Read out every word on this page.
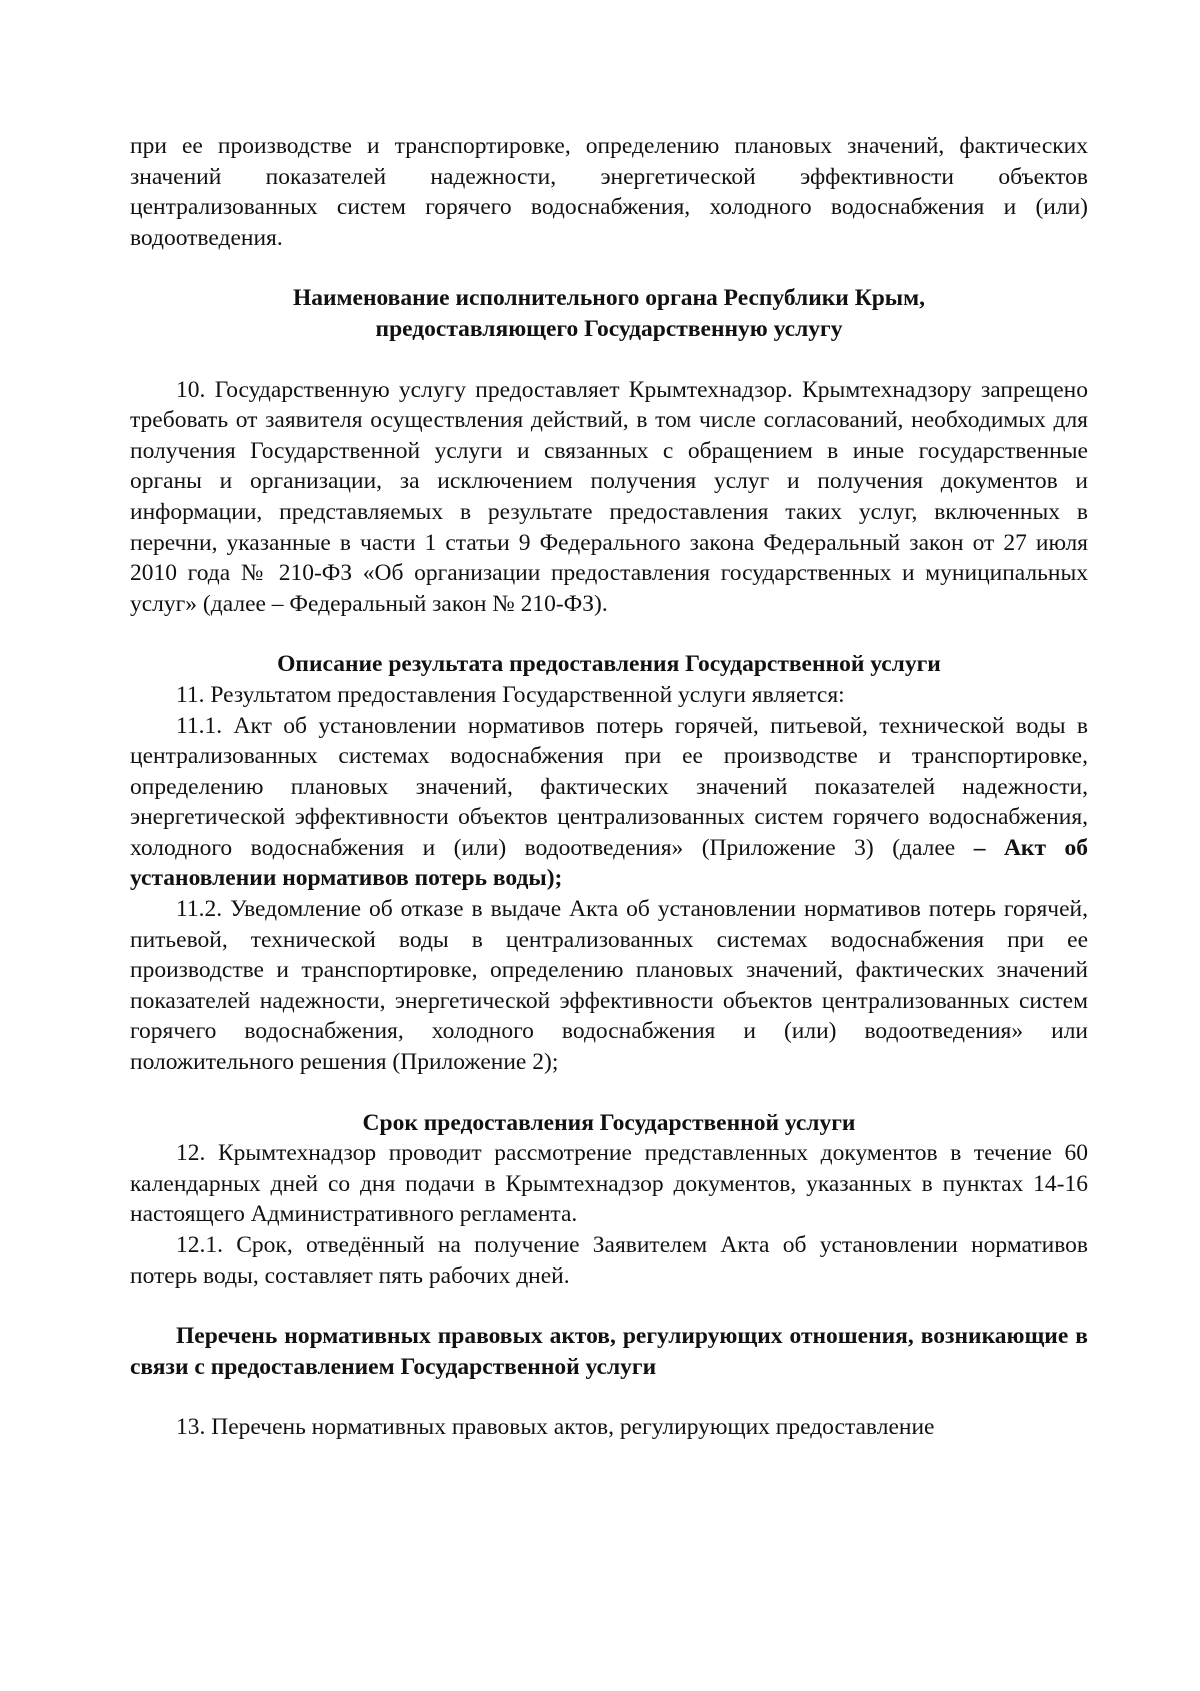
при ее производстве и транспортировке, определению плановых значений, фактических значений показателей надежности, энергетической эффективности объектов централизованных систем горячего водоснабжения, холодного водоснабжения и (или) водоотведения.

Наименование исполнительного органа Республики Крым,
предоставляющего Государственную услугу

10. Государственную услугу предоставляет Крымтехнадзор. Крымтехнадзору запрещено требовать от заявителя осуществления действий, в том числе согласований, необходимых для получения Государственной услуги и связанных с обращением в иные государственные органы и организации, за исключением получения услуг и получения документов и информации, представляемых в результате предоставления таких услуг, включенных в перечни, указанные в части 1 статьи 9 Федерального закона Федеральный закон от 27 июля 2010 года № 210-ФЗ «Об организации предоставления государственных и муниципальных услуг» (далее – Федеральный закон № 210-ФЗ).

Описание результата предоставления Государственной услуги

11. Результатом предоставления Государственной услуги является:

11.1. Акт об установлении нормативов потерь горячей, питьевой, технической воды в централизованных системах водоснабжения при ее производстве и транспортировке, определению плановых значений, фактических значений показателей надежности, энергетической эффективности объектов централизованных систем горячего водоснабжения, холодного водоснабжения и (или) водоотведения» (Приложение 3) (далее – Акт об установлении нормативов потерь воды);

11.2. Уведомление об отказе в выдаче Акта об установлении нормативов потерь горячей, питьевой, технической воды в централизованных системах водоснабжения при ее производстве и транспортировке, определению плановых значений, фактических значений показателей надежности, энергетической эффективности объектов централизованных систем горячего водоснабжения, холодного водоснабжения и (или) водоотведения» или положительного решения (Приложение 2);

Срок предоставления Государственной услуги

12. Крымтехнадзор проводит рассмотрение представленных документов в течение 60 календарных дней со дня подачи в Крымтехнадзор документов, указанных в пунктах 14-16 настоящего Административного регламента.

12.1. Срок, отведённый на получение Заявителем Акта об установлении нормативов потерь воды, составляет пять рабочих дней.

Перечень нормативных правовых актов, регулирующих отношения, возникающие в связи с предоставлением Государственной услуги

13. Перечень нормативных правовых актов, регулирующих предоставление
